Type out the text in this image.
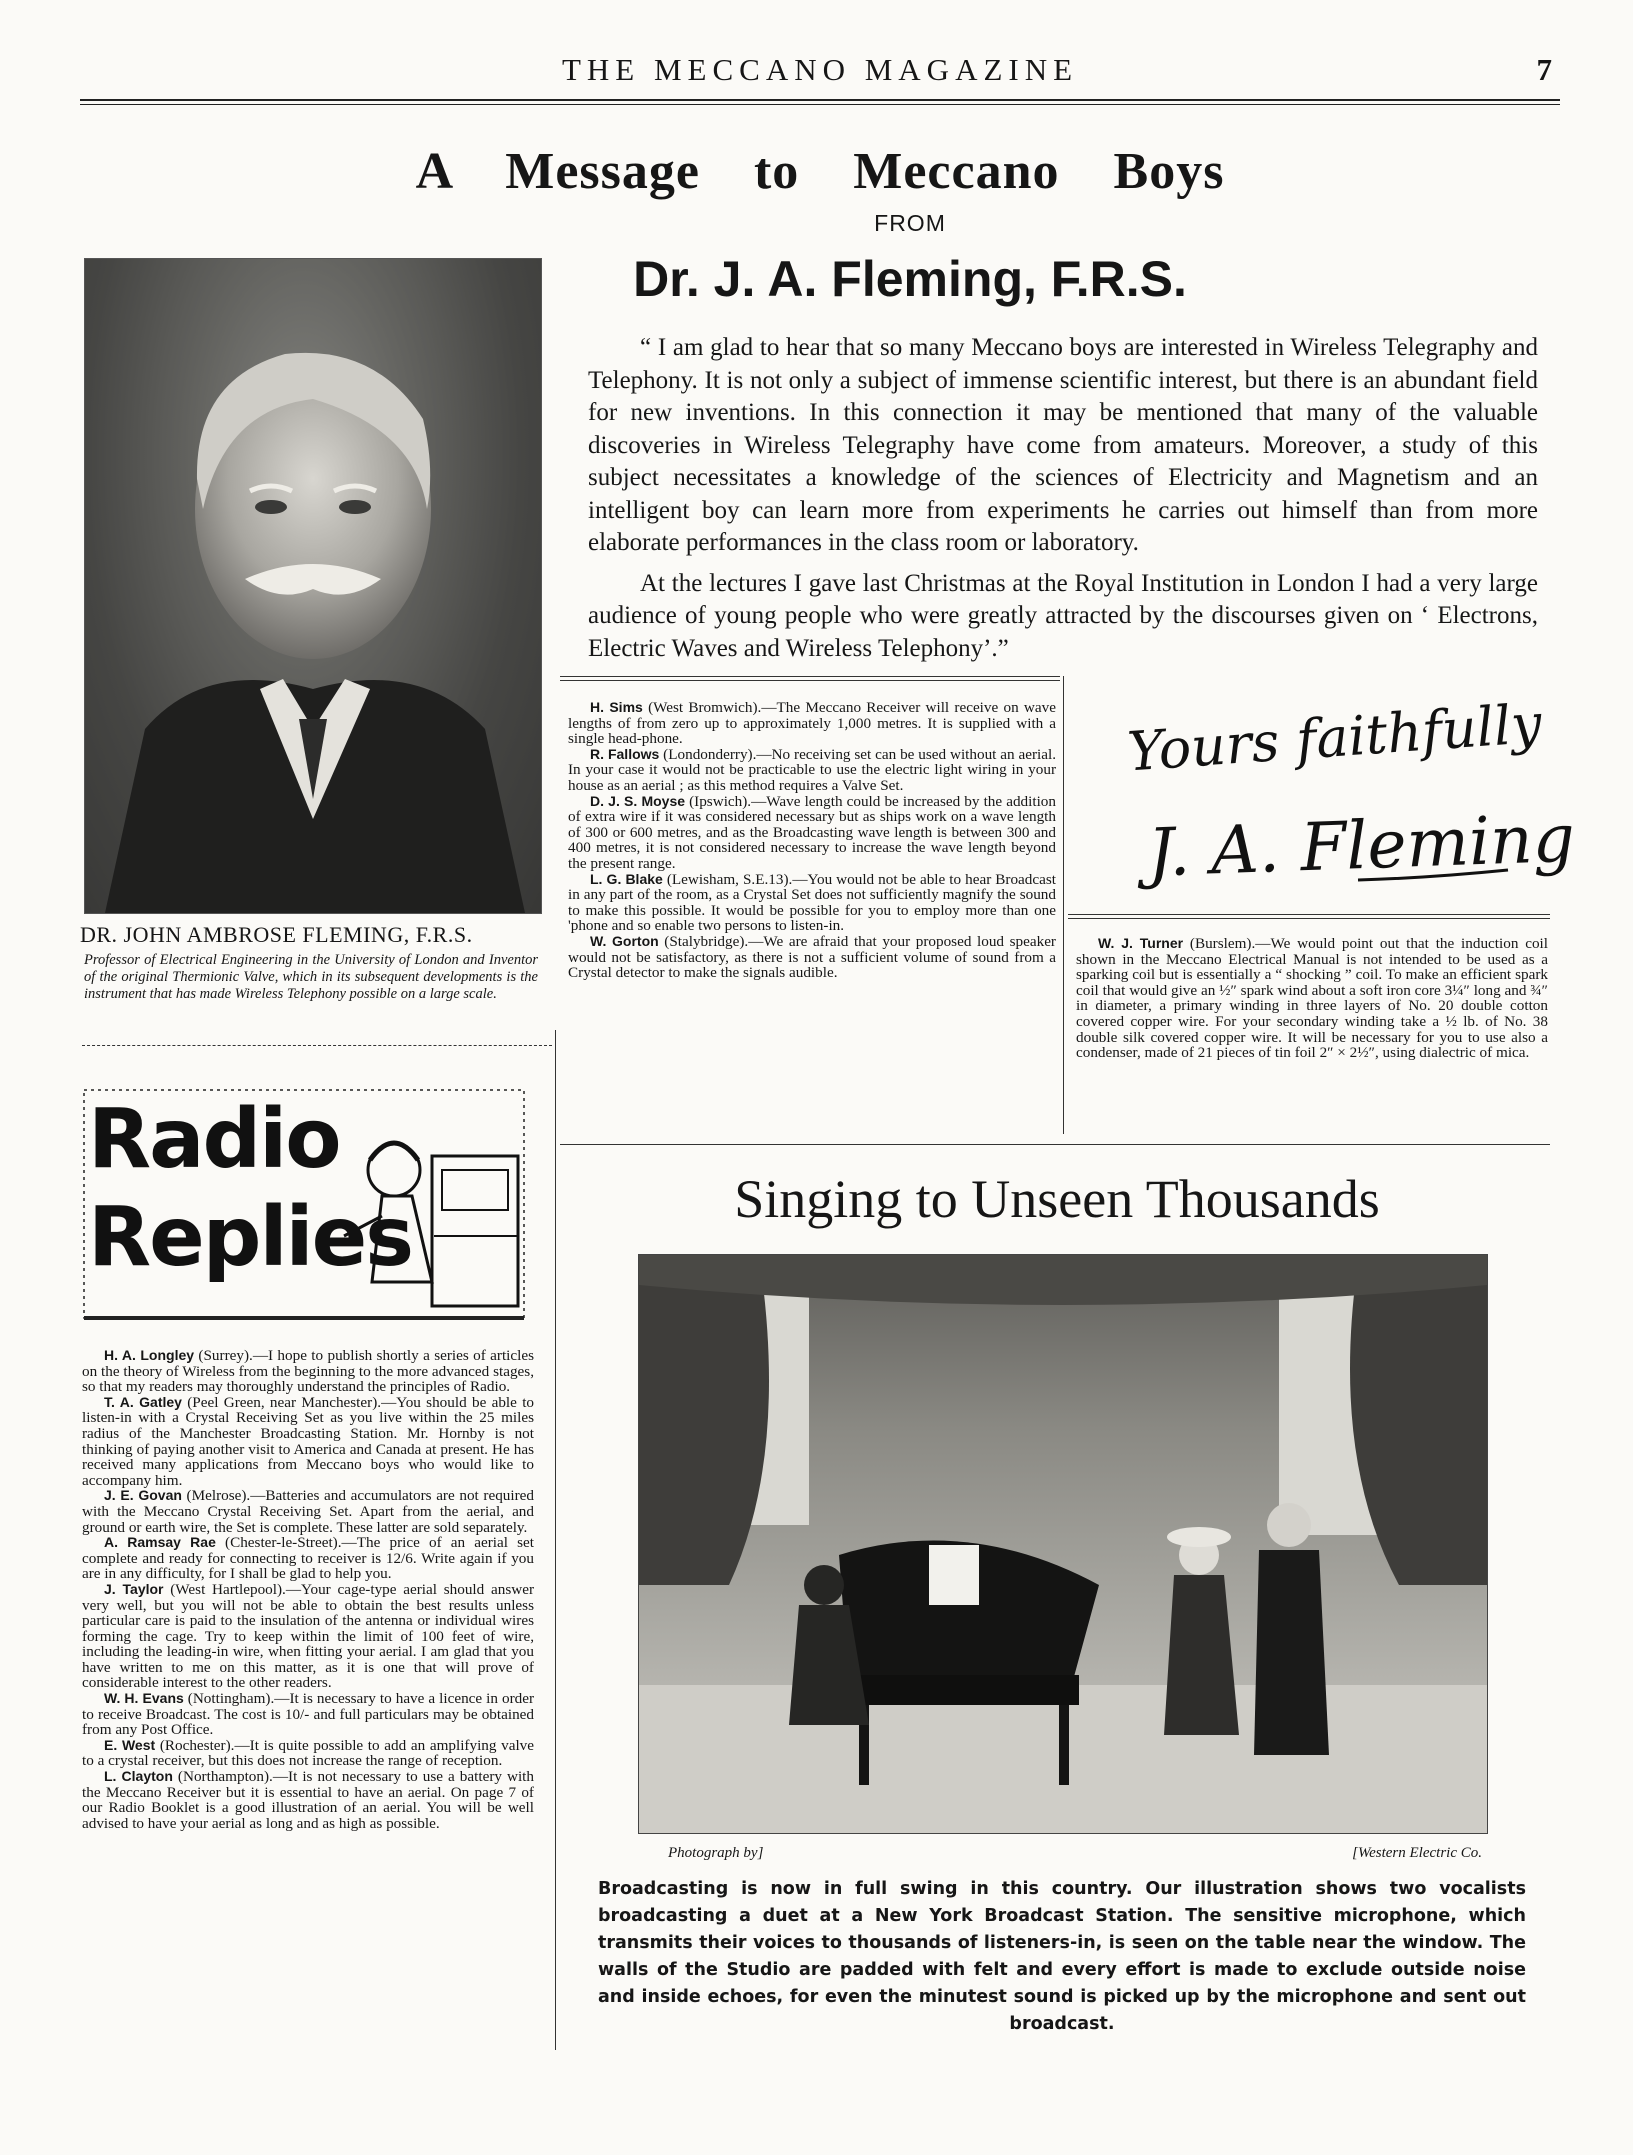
THE MECCANO MAGAZINE	7
A Message to Meccano Boys
FROM
Dr. J. A. Fleming, F.R.S.
DR. JOHN AMBROSE FLEMING, F.R.S.
Professor of Electrical Engineering in the University of London and Inventor of the original Thermionic Valve, which in its subsequent developments is the instrument that has made Wireless Telephony possible on a large scale.

“ I am glad to hear that so many Meccano boys are interested in Wireless Telegraphy and Telephony. It is not only a subject of immense scientific interest, but there is an abundant field for new inventions. In this connection it may be mentioned that many of the valuable discoveries in Wireless Telegraphy have come from amateurs. Moreover, a study of this subject necessitates a knowledge of the sciences of Electricity and Magnetism and an intelligent boy can learn more from experiments he carries out himself than from more elaborate performances in the class room or laboratory.

At the lectures I gave last Christmas at the Royal Institution in London I had a very large audience of young people who were greatly attracted by the discourses given on ‘ Electrons, Electric Waves and Wireless Telephony’.”

Yours faithfully
J. A. Fleming

H. Sims (West Bromwich).—The Meccano Receiver will receive on wave lengths of from zero up to approximately 1,000 metres. It is supplied with a single head-phone.

R. Fallows (Londonderry).—No receiving set can be used without an aerial. In your case it would not be practicable to use the electric light wiring in your house as an aerial ; as this method requires a Valve Set.

D. J. S. Moyse (Ipswich).—Wave length could be increased by the addition of extra wire if it was considered necessary but as ships work on a wave length of 300 or 600 metres, and as the Broadcasting wave length is between 300 and 400 metres, it is not considered necessary to increase the wave length beyond the present range.

L. G. Blake (Lewisham, S.E.13).—You would not be able to hear Broadcast in any part of the room, as a Crystal Set does not sufficiently magnify the sound to make this possible. It would be possible for you to employ more than one 'phone and so enable two persons to listen-in.

W. Gorton (Stalybridge).—We are afraid that your proposed loud speaker would not be satisfactory, as there is not a sufficient volume of sound from a Crystal detector to make the signals audible.

W. J. Turner (Burslem).—We would point out that the induction coil shown in the Meccano Electrical Manual is not intended to be used as a sparking coil but is essentially a “ shocking ” coil. To make an efficient spark coil that would give an ½″ spark wind about a soft iron core 3¼″ long and ¾″ in diameter, a primary winding in three layers of No. 20 double cotton covered copper wire. For your secondary winding take a ½ lb. of No. 38 double silk covered copper wire. It will be necessary for you to use also a condenser, made of 21 pieces of tin foil 2″ × 2½″, using dialectric of mica.

Radio
Replies

H. A. Longley (Surrey).—I hope to publish shortly a series of articles on the theory of Wireless from the beginning to the more advanced stages, so that my readers may thoroughly understand the principles of Radio.

T. A. Gatley (Peel Green, near Manchester).—You should be able to listen-in with a Crystal Receiving Set as you live within the 25 miles radius of the Manchester Broadcasting Station. Mr. Hornby is not thinking of paying another visit to America and Canada at present. He has received many applications from Meccano boys who would like to accompany him.

J. E. Govan (Melrose).—Batteries and accumulators are not required with the Meccano Crystal Receiving Set. Apart from the aerial, and ground or earth wire, the Set is complete. These latter are sold separately.

A. Ramsay Rae (Chester-le-Street).—The price of an aerial set complete and ready for connecting to receiver is 12/6. Write again if you are in any difficulty, for I shall be glad to help you.

J. Taylor (West Hartlepool).—Your cage-type aerial should answer very well, but you will not be able to obtain the best results unless particular care is paid to the insulation of the antenna or individual wires forming the cage. Try to keep within the limit of 100 feet of wire, including the leading-in wire, when fitting your aerial. I am glad that you have written to me on this matter, as it is one that will prove of considerable interest to the other readers.

W. H. Evans (Nottingham).—It is necessary to have a licence in order to receive Broadcast. The cost is 10/- and full particulars may be obtained from any Post Office.

E. West (Rochester).—It is quite possible to add an amplifying valve to a crystal receiver, but this does not increase the range of reception.

L. Clayton (Northampton).—It is not necessary to use a battery with the Meccano Receiver but it is essential to have an aerial. On page 7 of our Radio Booklet is a good illustration of an aerial. You will be well advised to have your aerial as long and as high as possible.

Singing to Unseen Thousands
Photograph by]	[Western Electric Co.
Broadcasting is now in full swing in this country. Our illustration shows two vocalists broadcasting a duet at a New York Broadcast Station. The sensitive microphone, which transmits their voices to thousands of listeners-in, is seen on the table near the window. The walls of the Studio are padded with felt and every effort is made to exclude outside noise and inside echoes, for even the minutest sound is picked up by the microphone and sent out broadcast.
